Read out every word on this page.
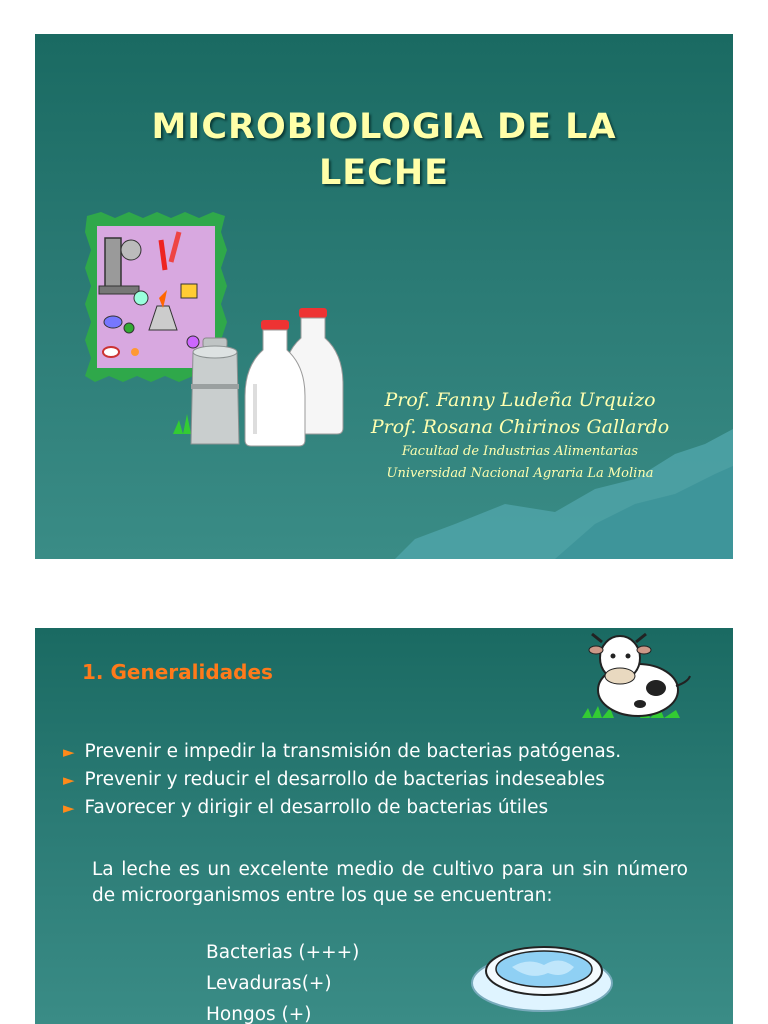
MICROBIOLOGIA DE LA
LECHE
Prof. Fanny Ludeña Urquizo
Prof. Rosana Chirinos Gallardo
Facultad de Industrias Alimentarias
Universidad Nacional Agraria La Molina
1. Generalidades
► Prevenir e impedir la transmisión de bacterias patógenas.
► Prevenir y reducir el desarrollo de bacterias indeseables
► Favorecer y dirigir el desarrollo de bacterias útiles

La leche es un excelente medio de cultivo para un sin número de microorganismos entre los que se encuentran:

Bacterias (+++)
Levaduras(+)
Hongos (+)
